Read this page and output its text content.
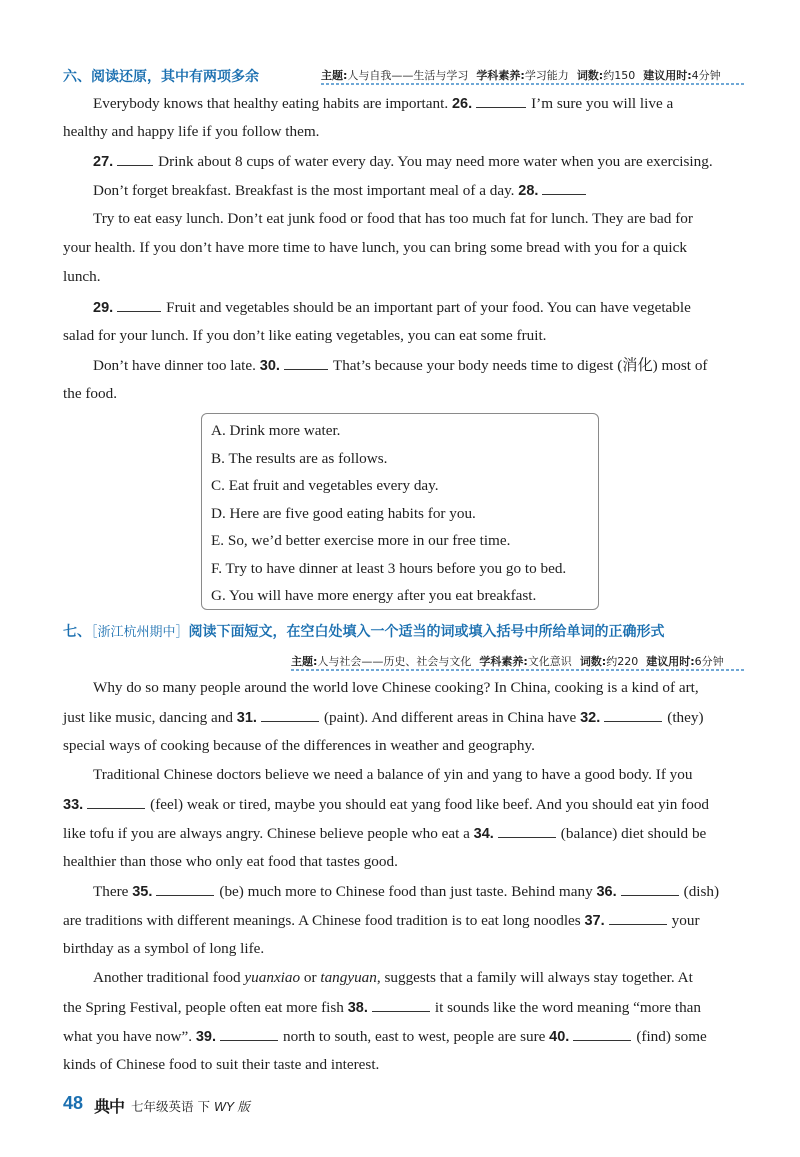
六、阅读还原，其中有两项多余	主题:人与自我——生活与学习 学科素养:学习能力 词数:约150 建议用时:4分钟
Everybody knows that healthy eating habits are important. 26.	I’m sure you will live a
healthy and happy life if you follow them.
27.	Drink about 8 cups of water every day. You may need more water when you are exercising.
Don’t forget breakfast. Breakfast is the most important meal of a day. 28.
Try to eat easy lunch. Don’t eat junk food or food that has too much fat for lunch. They are bad for
your health. If you don’t have more time to have lunch, you can bring some bread with you for a quick
lunch.
29.	Fruit and vegetables should be an important part of your food. You can have vegetable
salad for your lunch. If you don’t like eating vegetables, you can eat some fruit.
Don’t have dinner too late. 30.	That’s because your body needs time to digest (消化) most of
the food.
A. Drink more water.
B. The results are as follows.
C. Eat fruit and vegetables every day.
D. Here are five good eating habits for you.
E. So, we’d better exercise more in our free time.
F. Try to have dinner at least 3 hours before you go to bed.
G. You will have more energy after you eat breakfast.
七、［浙江杭州期中］阅读下面短文，在空白处填入一个适当的词或填入括号中所给单词的正确形式
主题:人与社会——历史、社会与文化 学科素养:文化意识 词数:约220 建议用时:6分钟
Why do so many people around the world love Chinese cooking? In China, cooking is a kind of art,
just like music, dancing and 31.	(paint). And different areas in China have 32.	(they)
special ways of cooking because of the differences in weather and geography.
Traditional Chinese doctors believe we need a balance of yin and yang to have a good body. If you
33.	(feel) weak or tired, maybe you should eat yang food like beef. And you should eat yin food
like tofu if you are always angry. Chinese believe people who eat a 34.	(balance) diet should be
healthier than those who only eat food that tastes good.
There 35.	(be) much more to Chinese food than just taste. Behind many 36.	(dish)
are traditions with different meanings. A Chinese food tradition is to eat long noodles 37.	your
birthday as a symbol of long life.
Another traditional food yuanxiao or tangyuan, suggests that a family will always stay together. At
the Spring Festival, people often eat more fish 38.	it sounds like the word meaning “more than
what you have now”. 39.	north to south, east to west, people are sure 40.	(find) some
kinds of Chinese food to suit their taste and interest.
48 典中 七年级英语 下 WY 版
